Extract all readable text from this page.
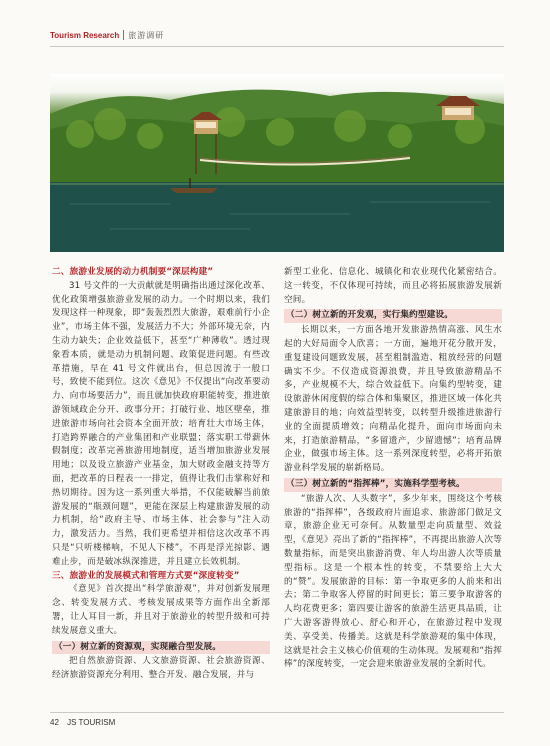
Tourism Research 旅游调研

二、旅游业发展的动力机制要“深层构建”

31 号文件的一大贡献就是明确指出通过深化改革、优化政策增强旅游业发展的动力。一个时期以来，我们发现这样一种现象，即“轰轰烈烈大旅游，艰难前行小企业”，市场主体不强，发展活力不大；外部环境无奈，内生动力缺失；企业效益低下，甚至“广种薄收”。透过现象看本质，就是动力机制问题、政策促进问题。有些改革措施，早在 41 号文件就出台，但总因流于一般口号，致使不能到位。这次《意见》不仅提出“向改革要动力、向市场要活力”，而且就加快政府职能转变，推进旅游领域政企分开、政事分开；打破行业、地区壁垒，推进旅游市场向社会资本全面开放；培育壮大市场主体，打造跨界融合的产业集团和产业联盟；落实职工带薪休假制度；改革完善旅游用地制度，适当增加旅游业发展用地；以及设立旅游产业基金，加大财政金融支持等方面，把改革的日程表一一排定，值得让我们击掌称好和热切期待。因为这一系列重大举措，不仅能破解当前旅游发展的“瓶颈问题”，更能在深层上构建旅游发展的动力机制，给“政府主导、市场主体、社会参与”注入动力，激发活力。当然，我们更希望并相信这次改革不再只是“只听楼梯响，不见人下楼”，不再是浮光掠影、遇难止步，而是破冰纵深推进，并且建立长效机制。

三、旅游业的发展模式和管理方式要“深度转变”

《意见》首次提出“科学旅游观”，并对创新发展理念、转变发展方式、考核发展成果等方面作出全新部署，让人耳目一新，并且对于旅游业的转型升级和可持续发展意义重大。

（一）树立新的资源观，实现融合型发展。

把自然旅游资源、人文旅游资源、社会旅游资源、经济旅游资源充分利用、整合开发、融合发展，并与

新型工业化、信息化、城镇化和农业现代化紧密结合。这一转变，不仅体现可持续，而且必将拓展旅游发展新空间。

（二）树立新的开发观，实行集约型建设。

长期以来，一方面各地开发旅游热情高涨、风生水起的大好局面令人欣喜；一方面，遍地开花分散开发，重复建设问题致发展，甚至粗制滥造、粗放经营的问题确实不少。不仅造成资源浪费，并且导致旅游精品不多，产业规模不大，综合效益低下。向集约型转变，建设旅游休闲度假的综合体和集聚区，推进区域一体化共建旅游目的地；向效益型转变，以转型升级推进旅游行业的全面提质增效；向精品化提升，面向市场面向未来，打造旅游精品，“多留遗产，少留遗憾”；培育品牌企业，做强市场主体。这一系列深度转型，必将开拓旅游业科学发展的崭新格局。

（三）树立新的“指挥棒”，实施科学型考核。

“旅游人次、人头数字”，多少年来，围绕这个考核旅游的“指挥棒”，各级政府片面追求、旅游部门做足文章，旅游企业无可奈何。从数量型走向质量型、效益型，《意见》亮出了新的“指挥棒”，不再提出旅游人次等数量指标，而是突出旅游消费、年人均出游人次等质量型指标。这是一个根本性的转变，不禁要给上大大的“赞”。发展旅游的目标：第一争取更多的人前来和出去；第二争取客人停留的时间更长；第三要争取游客的人均花费更多；第四要让游客的旅游生活更具品质，让广大游客游得放心、舒心和开心，在旅游过程中发现美、享受美、传播美。这就是科学旅游观的集中体现，这就是社会主义核心价值观的生动体现。发展观和“指挥棒”的深度转变，一定会迎来旅游业发展的全新时代。

42 JS TOURISM
